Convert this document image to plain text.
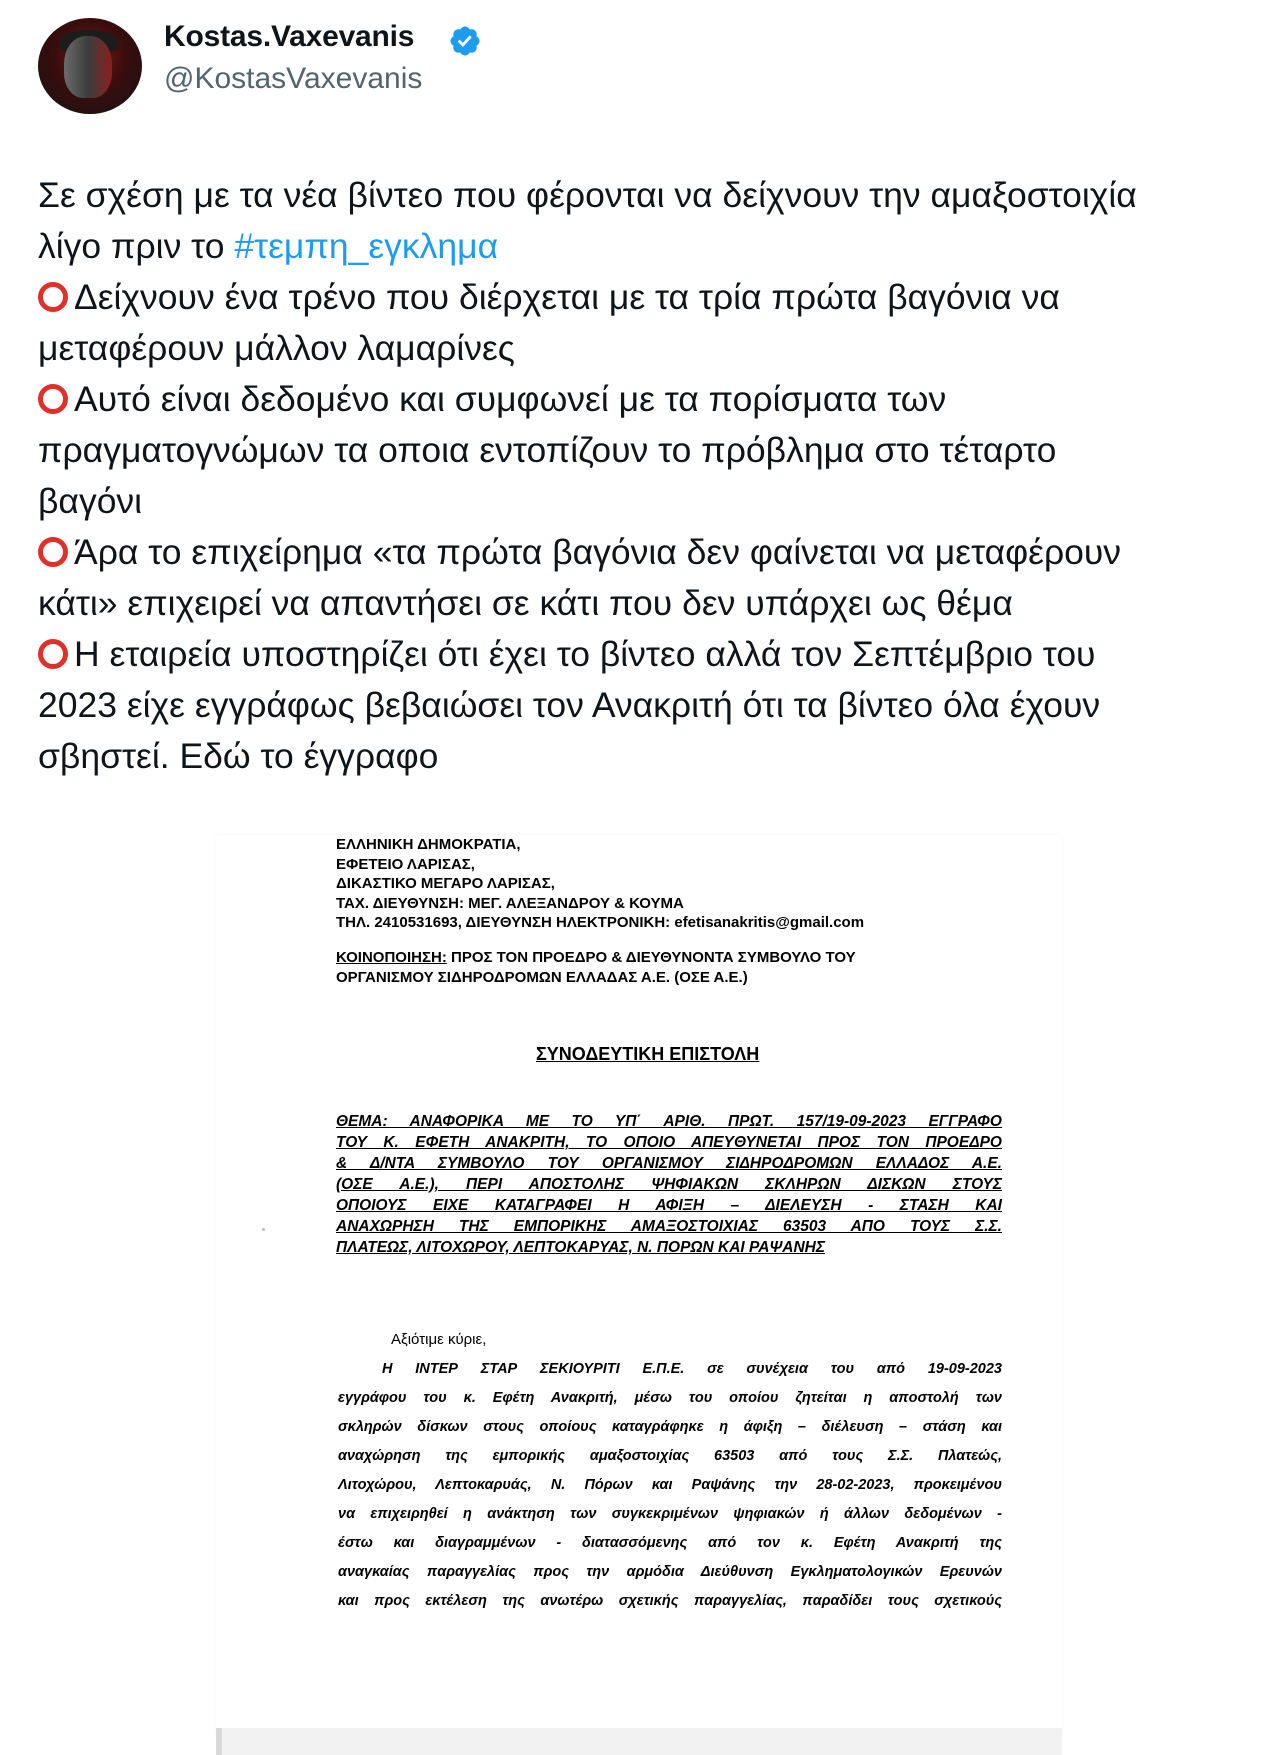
Kostas.Vaxevanis
@KostasVaxevanis
Σε σχέση με τα νέα βίντεο που φέρονται να δείχνουν την αμαξοστοιχία
λίγο πριν το #τεμπη_εγκλημα
Δείχνουν ένα τρένο που διέρχεται με τα τρία πρώτα βαγόνια να
μεταφέρουν μάλλον λαμαρίνες
Αυτό είναι δεδομένο και συμφωνεί με τα πορίσματα των
πραγματογνώμων τα οποια εντοπίζουν το πρόβλημα στο τέταρτο
βαγόνι
Άρα το επιχείρημα «τα πρώτα βαγόνια δεν φαίνεται να μεταφέρουν
κάτι» επιχειρεί να απαντήσει σε κάτι που δεν υπάρχει ως θέμα
Η εταιρεία υποστηρίζει ότι έχει το βίντεο αλλά τον Σεπτέμβριο του
2023 είχε εγγράφως βεβαιώσει τον Ανακριτή ότι τα βίντεο όλα έχουν
σβηστεί. Εδώ το έγγραφο
ΕΛΛΗΝΙΚΗ ΔΗΜΟΚΡΑΤΙΑ,
ΕΦΕΤΕΙΟ ΛΑΡΙΣΑΣ,
ΔΙΚΑΣΤΙΚΟ ΜΕΓΑΡΟ ΛΑΡΙΣΑΣ,
ΤΑΧ. ΔΙΕΥΘΥΝΣΗ: ΜΕΓ. ΑΛΕΞΑΝΔΡΟΥ & ΚΟΥΜΑ
ΤΗΛ. 2410531693, ΔΙΕΥΘΥΝΣΗ ΗΛΕΚΤΡΟΝΙΚΗ: efetisanakritis@gmail.com
ΚΟΙΝΟΠΟΙΗΣΗ: ΠΡΟΣ ΤΟΝ ΠΡΟΕΔΡΟ & ΔΙΕΥΘΥΝΟΝΤΑ ΣΥΜΒΟΥΛΟ ΤΟΥ
ΟΡΓΑΝΙΣΜΟΥ ΣΙΔΗΡΟΔΡΟΜΩΝ ΕΛΛΑΔΑΣ Α.Ε. (ΟΣΕ Α.Ε.)
ΣΥΝΟΔΕΥΤΙΚΗ ΕΠΙΣΤΟΛΗ
ΘΕΜΑ: ΑΝΑΦΟΡΙΚΑ ΜΕ ΤΟ ΥΠ΄ ΑΡΙΘ. ΠΡΩΤ. 157/19-09-2023 ΕΓΓΡΑΦΟ
ΤΟΥ Κ. ΕΦΕΤΗ ΑΝΑΚΡΙΤΗ, ΤΟ ΟΠΟΙΟ ΑΠΕΥΘΥΝΕΤΑΙ ΠΡΟΣ ΤΟΝ ΠΡΟΕΔΡΟ
& Δ/ΝΤΑ ΣΥΜΒΟΥΛΟ ΤΟΥ ΟΡΓΑΝΙΣΜΟΥ ΣΙΔΗΡΟΔΡΟΜΩΝ ΕΛΛΑΔΟΣ Α.Ε.
(ΟΣΕ Α.Ε.), ΠΕΡΙ ΑΠΟΣΤΟΛΗΣ ΨΗΦΙΑΚΩΝ ΣΚΛΗΡΩΝ ΔΙΣΚΩΝ ΣΤΟΥΣ
ΟΠΟΙΟΥΣ ΕΙΧΕ ΚΑΤΑΓΡΑΦΕΙ Η ΑΦΙΞΗ – ΔΙΕΛΕΥΣΗ - ΣΤΑΣΗ ΚΑΙ
ΑΝΑΧΩΡΗΣΗ ΤΗΣ ΕΜΠΟΡΙΚΗΣ ΑΜΑΞΟΣΤΟΙΧΙΑΣ 63503 ΑΠΟ ΤΟΥΣ Σ.Σ.
ΠΛΑΤΕΩΣ, ΛΙΤΟΧΩΡΟΥ, ΛΕΠΤΟΚΑΡΥΑΣ, Ν. ΠΟΡΩΝ ΚΑΙ ΡΑΨΑΝΗΣ
Αξιότιμε κύριε,
Η ΙΝΤΕΡ ΣΤΑΡ ΣΕΚΙΟΥΡΙΤΙ Ε.Π.Ε. σε συνέχεια του από 19-09-2023
εγγράφου του κ. Εφέτη Ανακριτή, μέσω του οποίου ζητείται η αποστολή των
σκληρών δίσκων στους οποίους καταγράφηκε η άφιξη – διέλευση – στάση και
αναχώρηση της εμπορικής αμαξοστοιχίας 63503 από τους Σ.Σ. Πλατεώς,
Λιτοχώρου, Λεπτοκαρυάς, Ν. Πόρων και Ραψάνης την 28-02-2023, προκειμένου
να επιχειρηθεί η ανάκτηση των συγκεκριμένων ψηφιακών ή άλλων δεδομένων -
έστω και διαγραμμένων - διατασσόμενης από τον κ. Εφέτη Ανακριτή της
αναγκαίας παραγγελίας προς την αρμόδια Διεύθυνση Εγκληματολογικών Ερευνών
και προς εκτέλεση της ανωτέρω σχετικής παραγγελίας, παραδίδει τους σχετικούς
